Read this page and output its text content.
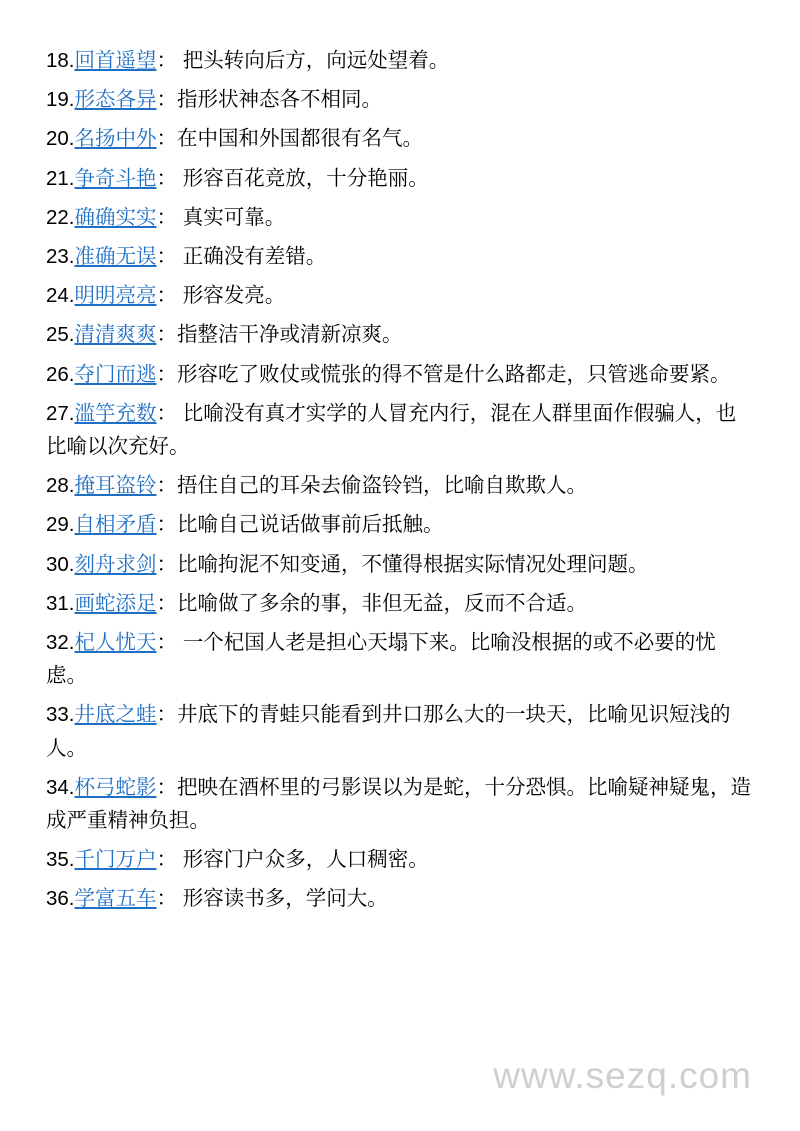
18.回首遥望： 把头转向后方，向远处望着。

19.形态各异：指形状神态各不相同。

20.名扬中外：在中国和外国都很有名气。

21.争奇斗艳： 形容百花竞放，十分艳丽。

22.确确实实： 真实可靠。

23.准确无误： 正确没有差错。

24.明明亮亮： 形容发亮。

25.清清爽爽：指整洁干净或清新凉爽。

26.夺门而逃：形容吃了败仗或慌张的得不管是什么路都走，只管逃命要紧。

27.滥竽充数： 比喻没有真才实学的人冒充内行，混在人群里面作假骗人，也比喻以次充好。

28.掩耳盗铃：捂住自己的耳朵去偷盗铃铛，比喻自欺欺人。

29.自相矛盾：比喻自己说话做事前后抵触。

30.刻舟求剑：比喻拘泥不知变通，不懂得根据实际情况处理问题。

31.画蛇添足：比喻做了多余的事，非但无益，反而不合适。

32.杞人忧天： 一个杞国人老是担心天塌下来。比喻没根据的或不必要的忧虑。

33.井底之蛙：井底下的青蛙只能看到井口那么大的一块天，比喻见识短浅的人。

34.杯弓蛇影：把映在酒杯里的弓影误以为是蛇，十分恐惧。比喻疑神疑鬼，造成严重精神负担。

35.千门万户： 形容门户众多，人口稠密。

36.学富五车： 形容读书多，学问大。

www.sezq.com
